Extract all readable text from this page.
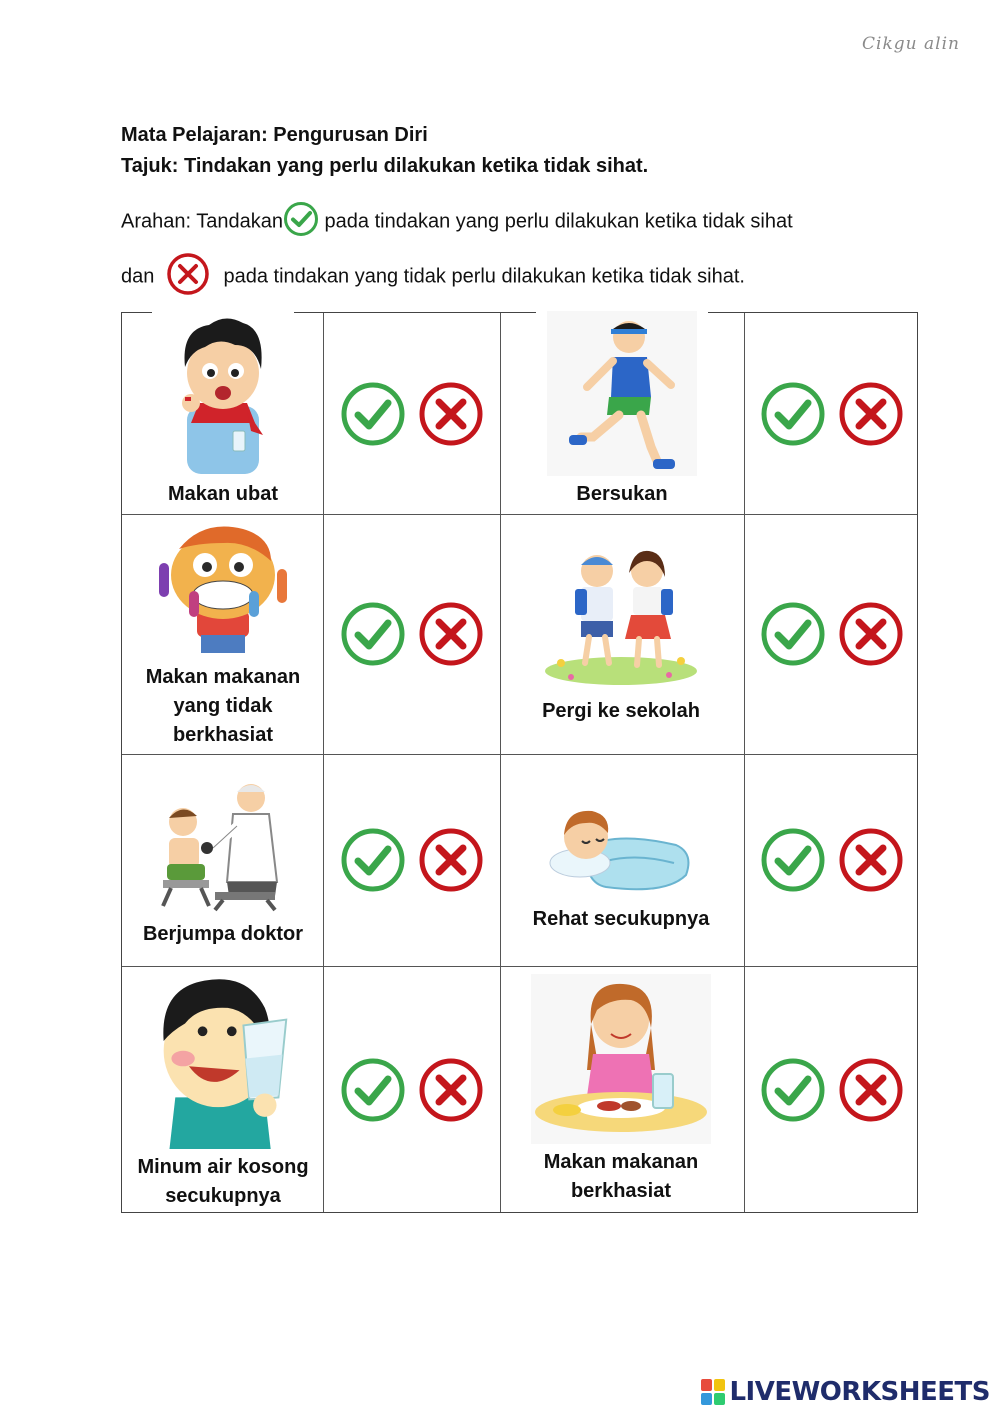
Cikgu alin
Mata Pelajaran: Pengurusan Diri
Tajuk: Tindakan yang perlu dilakukan ketika tidak sihat.
Arahan: Tandakan pada tindakan yang perlu dilakukan ketika tidak sihat
dan	pada tindakan yang tidak perlu dilakukan ketika tidak sihat.
Makan ubat	Bersukan
Makan makanan yang tidak berkhasiat
Pergi ke sekolah
Berjumpa doktor
Rehat secukupnya
Minum air kosong secukupnya
Makan makanan berkhasiat
LIVEWORKSHEETS
